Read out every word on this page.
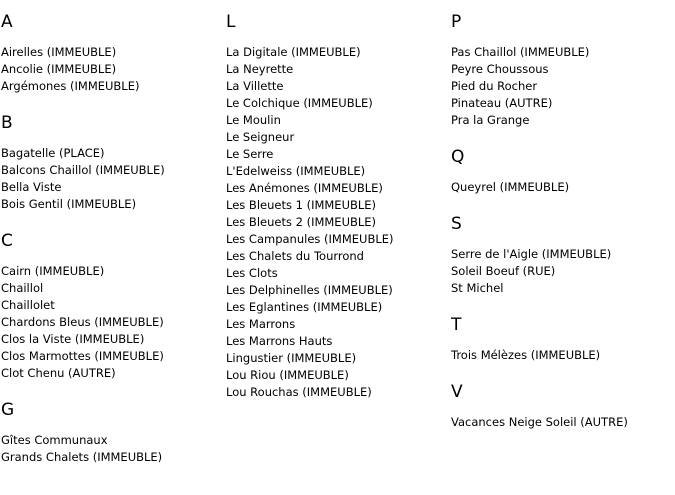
A
Airelles (IMMEUBLE)
Ancolie (IMMEUBLE)
Argémones (IMMEUBLE)
B
Bagatelle (PLACE)
Balcons Chaillol (IMMEUBLE)
Bella Viste
Bois Gentil (IMMEUBLE)
C
Cairn (IMMEUBLE)
Chaillol
Chaillolet
Chardons Bleus (IMMEUBLE)
Clos la Viste (IMMEUBLE)
Clos Marmottes (IMMEUBLE)
Clot Chenu (AUTRE)
G
Gîtes Communaux
Grands Chalets (IMMEUBLE)
L
La Digitale (IMMEUBLE)
La Neyrette
La Villette
Le Colchique (IMMEUBLE)
Le Moulin
Le Seigneur
Le Serre
L'Edelweiss (IMMEUBLE)
Les Anémones (IMMEUBLE)
Les Bleuets 1 (IMMEUBLE)
Les Bleuets 2 (IMMEUBLE)
Les Campanules (IMMEUBLE)
Les Chalets du Tourrond
Les Clots
Les Delphinelles (IMMEUBLE)
Les Eglantines (IMMEUBLE)
Les Marrons
Les Marrons Hauts
Lingustier (IMMEUBLE)
Lou Riou (IMMEUBLE)
Lou Rouchas (IMMEUBLE)
P
Pas Chaillol (IMMEUBLE)
Peyre Choussous
Pied du Rocher
Pinateau (AUTRE)
Pra la Grange
Q
Queyrel (IMMEUBLE)
S
Serre de l'Aigle (IMMEUBLE)
Soleil Boeuf (RUE)
St Michel
T
Trois Mélèzes (IMMEUBLE)
V
Vacances Neige Soleil (AUTRE)
